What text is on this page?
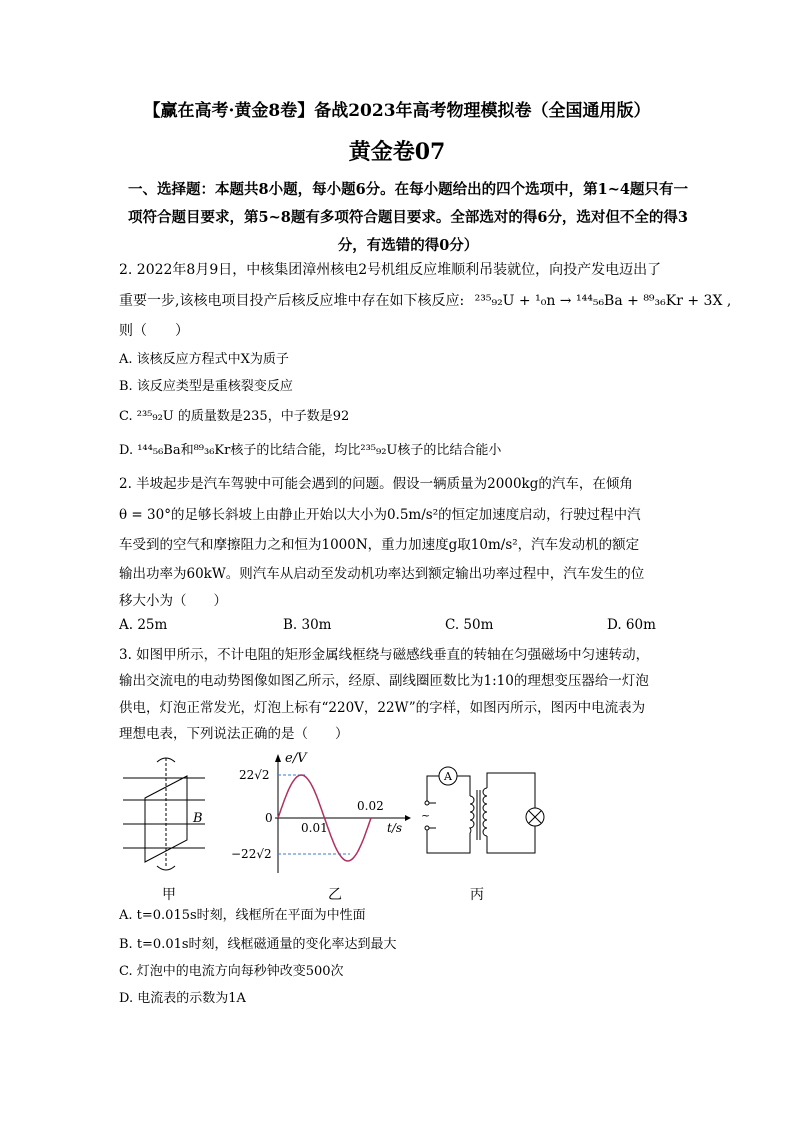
【赢在高考·黄金8卷】备战2023年高考物理模拟卷（全国通用版）
黄金卷07
一、选择题：本题共8小题，每小题6分。在每小题给出的四个选项中，第1~4题只有一
项符合题目要求，第5~8题有多项符合题目要求。全部选对的得6分，选对但不全的得3
分，有选错的得0分）
2. 2022年8月9日，中核集团漳州核电2号机组反应堆顺利吊装就位，向投产发电迈出了
重要一步,该核电项目投产后核反应堆中存在如下核反应: ²³⁵₉₂U + ¹₀n → ¹⁴⁴₅₆Ba + ⁸⁹₃₆Kr + 3X ,
则（　　）
A. 该核反应方程式中X为质子
B. 该反应类型是重核裂变反应
C. ²³⁵₉₂U 的质量数是235，中子数是92
D. ¹⁴⁴₅₆Ba和⁸⁹₃₆Kr核子的比结合能，均比²³⁵₉₂U核子的比结合能小
2. 半坡起步是汽车驾驶中可能会遇到的问题。假设一辆质量为2000kg的汽车，在倾角
θ = 30°的足够长斜坡上由静止开始以大小为0.5m/s²的恒定加速度启动，行驶过程中汽
车受到的空气和摩擦阻力之和恒为1000N，重力加速度g取10m/s²，汽车发动机的额定
输出功率为60kW。则汽车从启动至发动机功率达到额定输出功率过程中，汽车发生的位
移大小为（　　）
A. 25m	B. 30m	C. 50m	D. 60m
3. 如图甲所示，不计电阻的矩形金属线框绕与磁感线垂直的转轴在匀强磁场中匀速转动，
输出交流电的电动势图像如图乙所示，经原、副线圈匝数比为1:10的理想变压器给一灯泡
供电，灯泡正常发光，灯泡上标有“220V，22W”的字样，如图丙所示，图丙中电流表为
理想电表，下列说法正确的是（　　）
B
e/V
22√2
−22√2
0
0.01
0.02
t/s
A
~
甲	乙	丙
A. t=0.015s时刻，线框所在平面为中性面
B. t=0.01s时刻，线框磁通量的变化率达到最大
C. 灯泡中的电流方向每秒钟改变500次
D. 电流表的示数为1A
